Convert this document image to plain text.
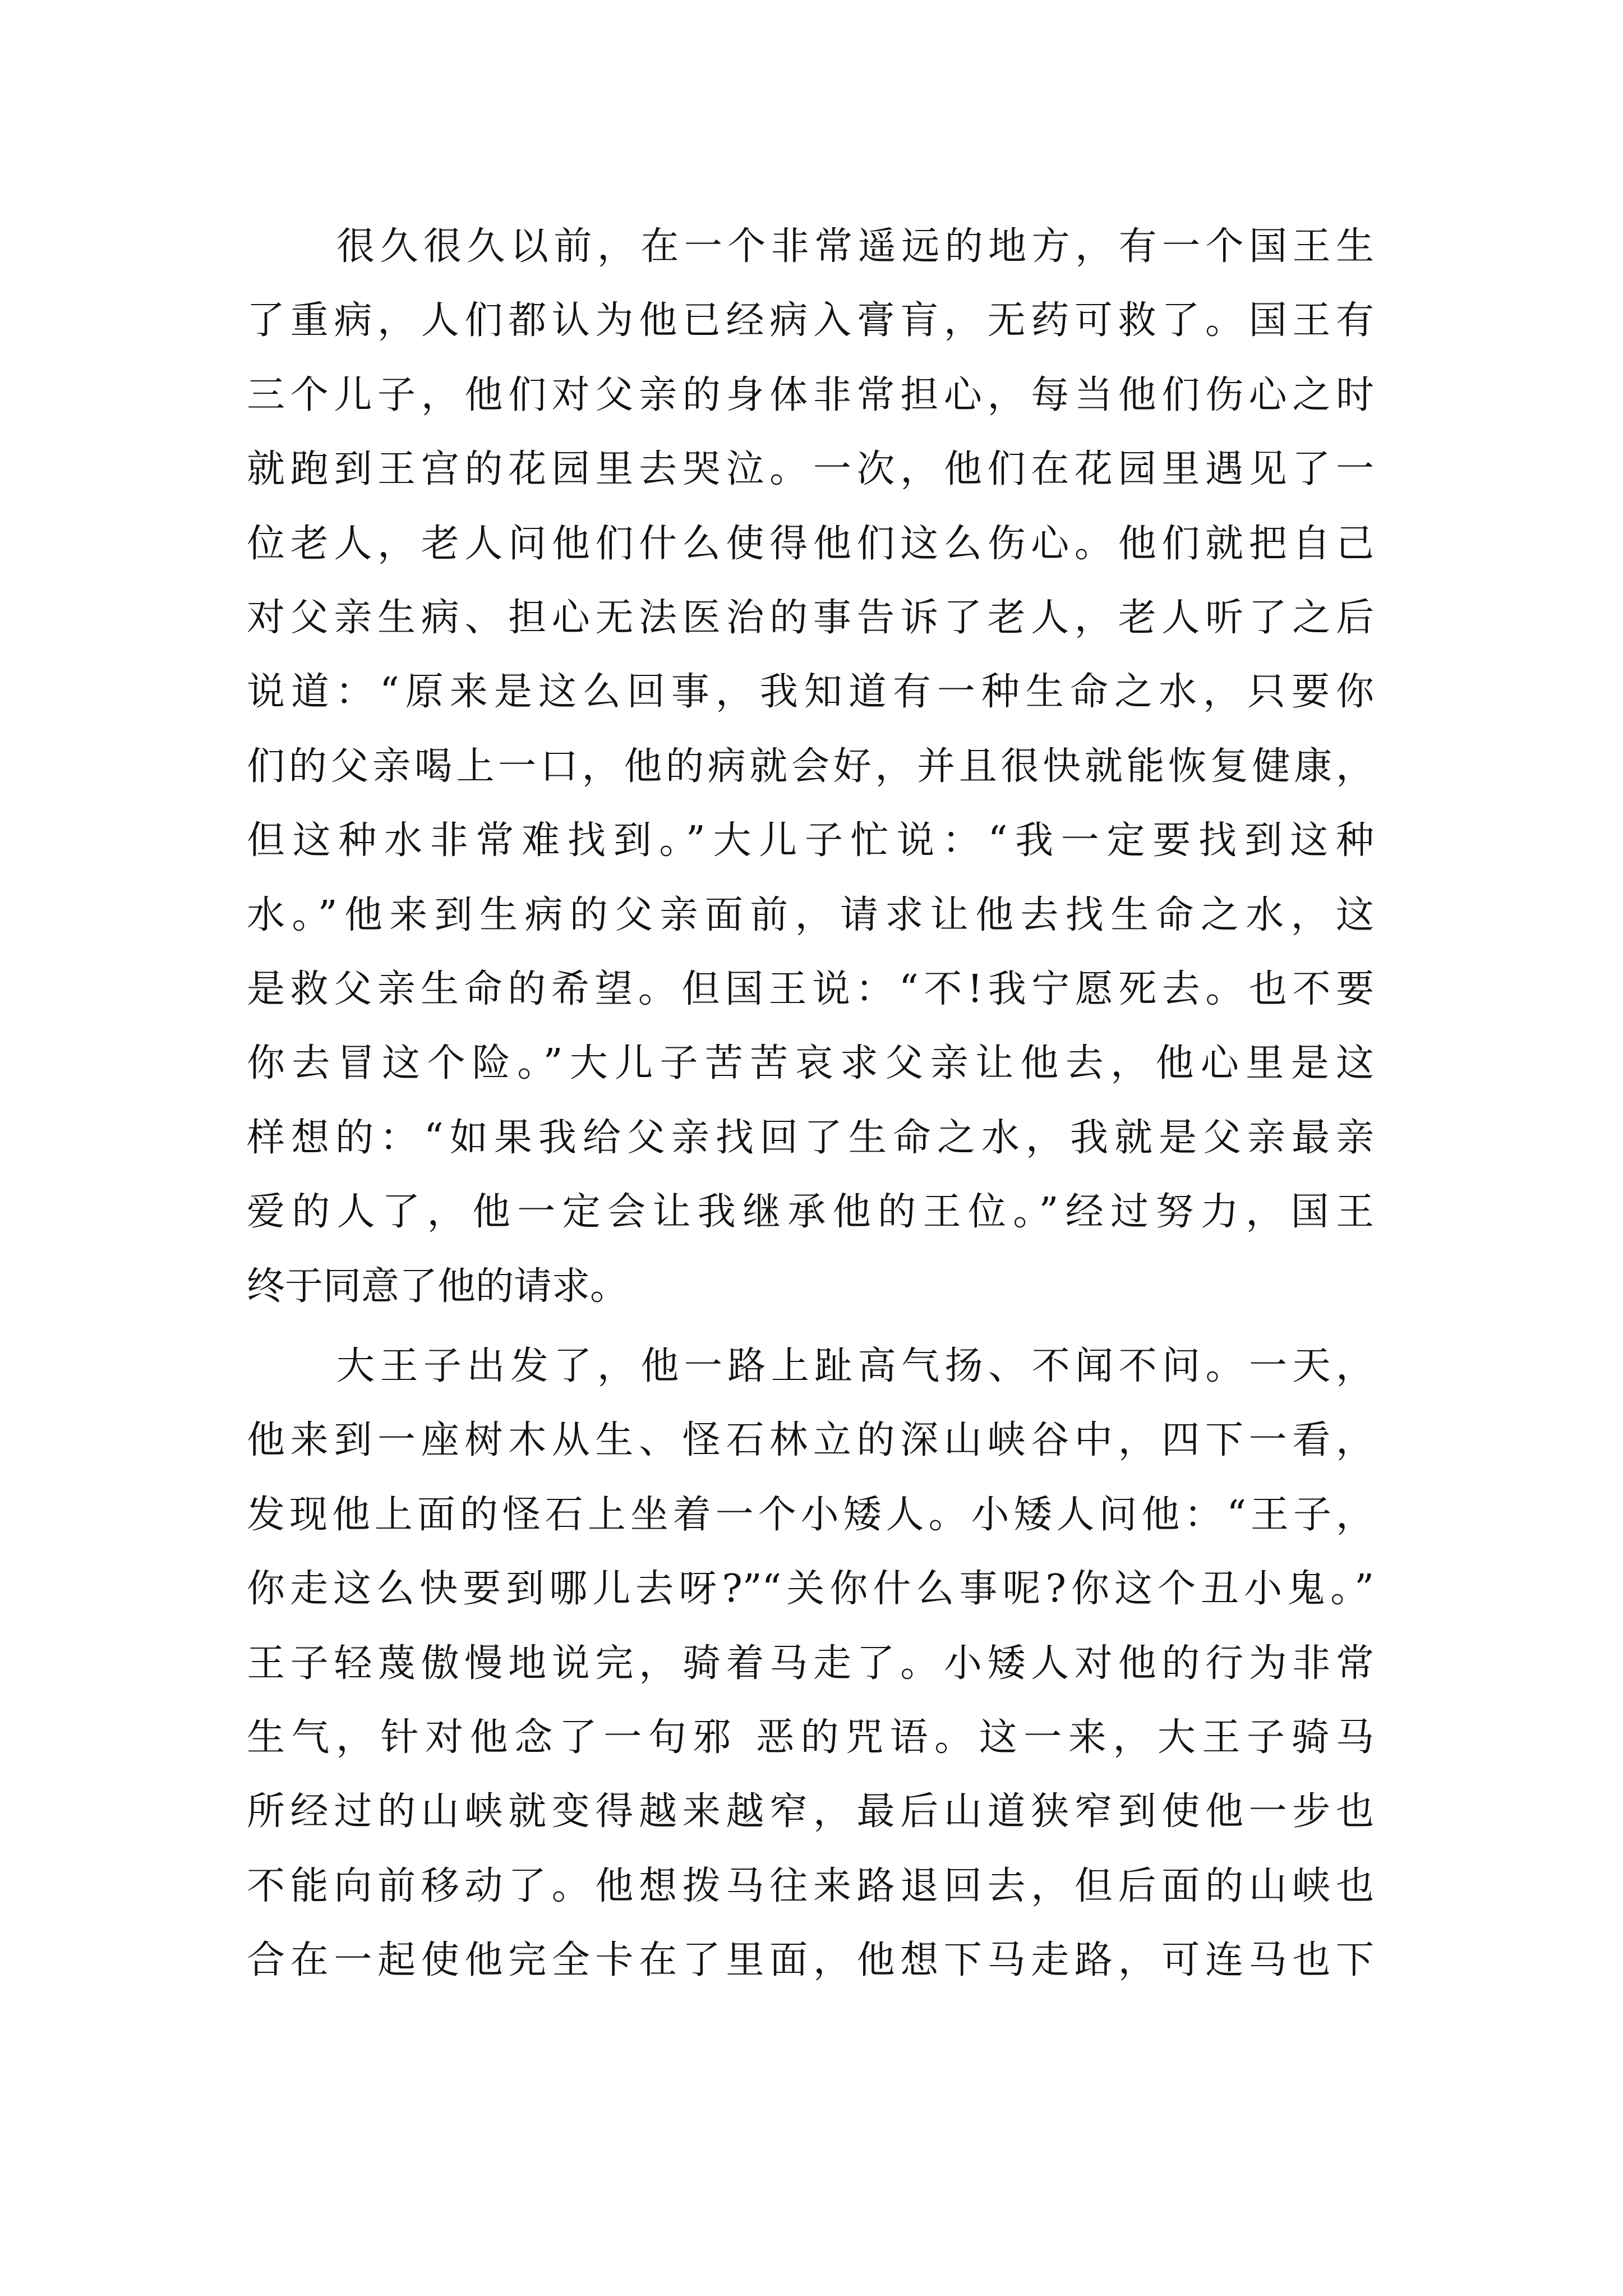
很久很久以前，在一个非常遥远的地方，有一个国王生
了重病，人们都认为他已经病入膏肓，无药可救了。国王有
三个儿子，他们对父亲的身体非常担心，每当他们伤心之时
就跑到王宫的花园里去哭泣。一次，他们在花园里遇见了一
位老人，老人问他们什么使得他们这么伤心。他们就把自己
对父亲生病、担心无法医治的事告诉了老人，老人听了之后
说道：“原来是这么回事，我知道有一种生命之水，只要你
们的父亲喝上一口，他的病就会好，并且很快就能恢复健康，
但这种水非常难找到。”大儿子忙说：“我一定要找到这种
水。”他来到生病的父亲面前，请求让他去找生命之水，这
是救父亲生命的希望。但国王说：“不!我宁愿死去。也不要
你去冒这个险。”大儿子苦苦哀求父亲让他去，他心里是这
样想的：“如果我给父亲找回了生命之水，我就是父亲最亲
爱的人了，他一定会让我继承他的王位。”经过努力，国王
终于同意了他的请求。
大王子出发了，他一路上趾高气扬、不闻不问。一天，
他来到一座树木从生、怪石林立的深山峡谷中，四下一看，
发现他上面的怪石上坐着一个小矮人。小矮人问他：“王子，
你走这么快要到哪儿去呀?”“关你什么事呢?你这个丑小鬼。”
王子轻蔑傲慢地说完，骑着马走了。小矮人对他的行为非常
生气，针对他念了一句邪 恶的咒语。这一来，大王子骑马
所经过的山峡就变得越来越窄，最后山道狭窄到使他一步也
不能向前移动了。他想拨马往来路退回去，但后面的山峡也
合在一起使他完全卡在了里面，他想下马走路，可连马也下
